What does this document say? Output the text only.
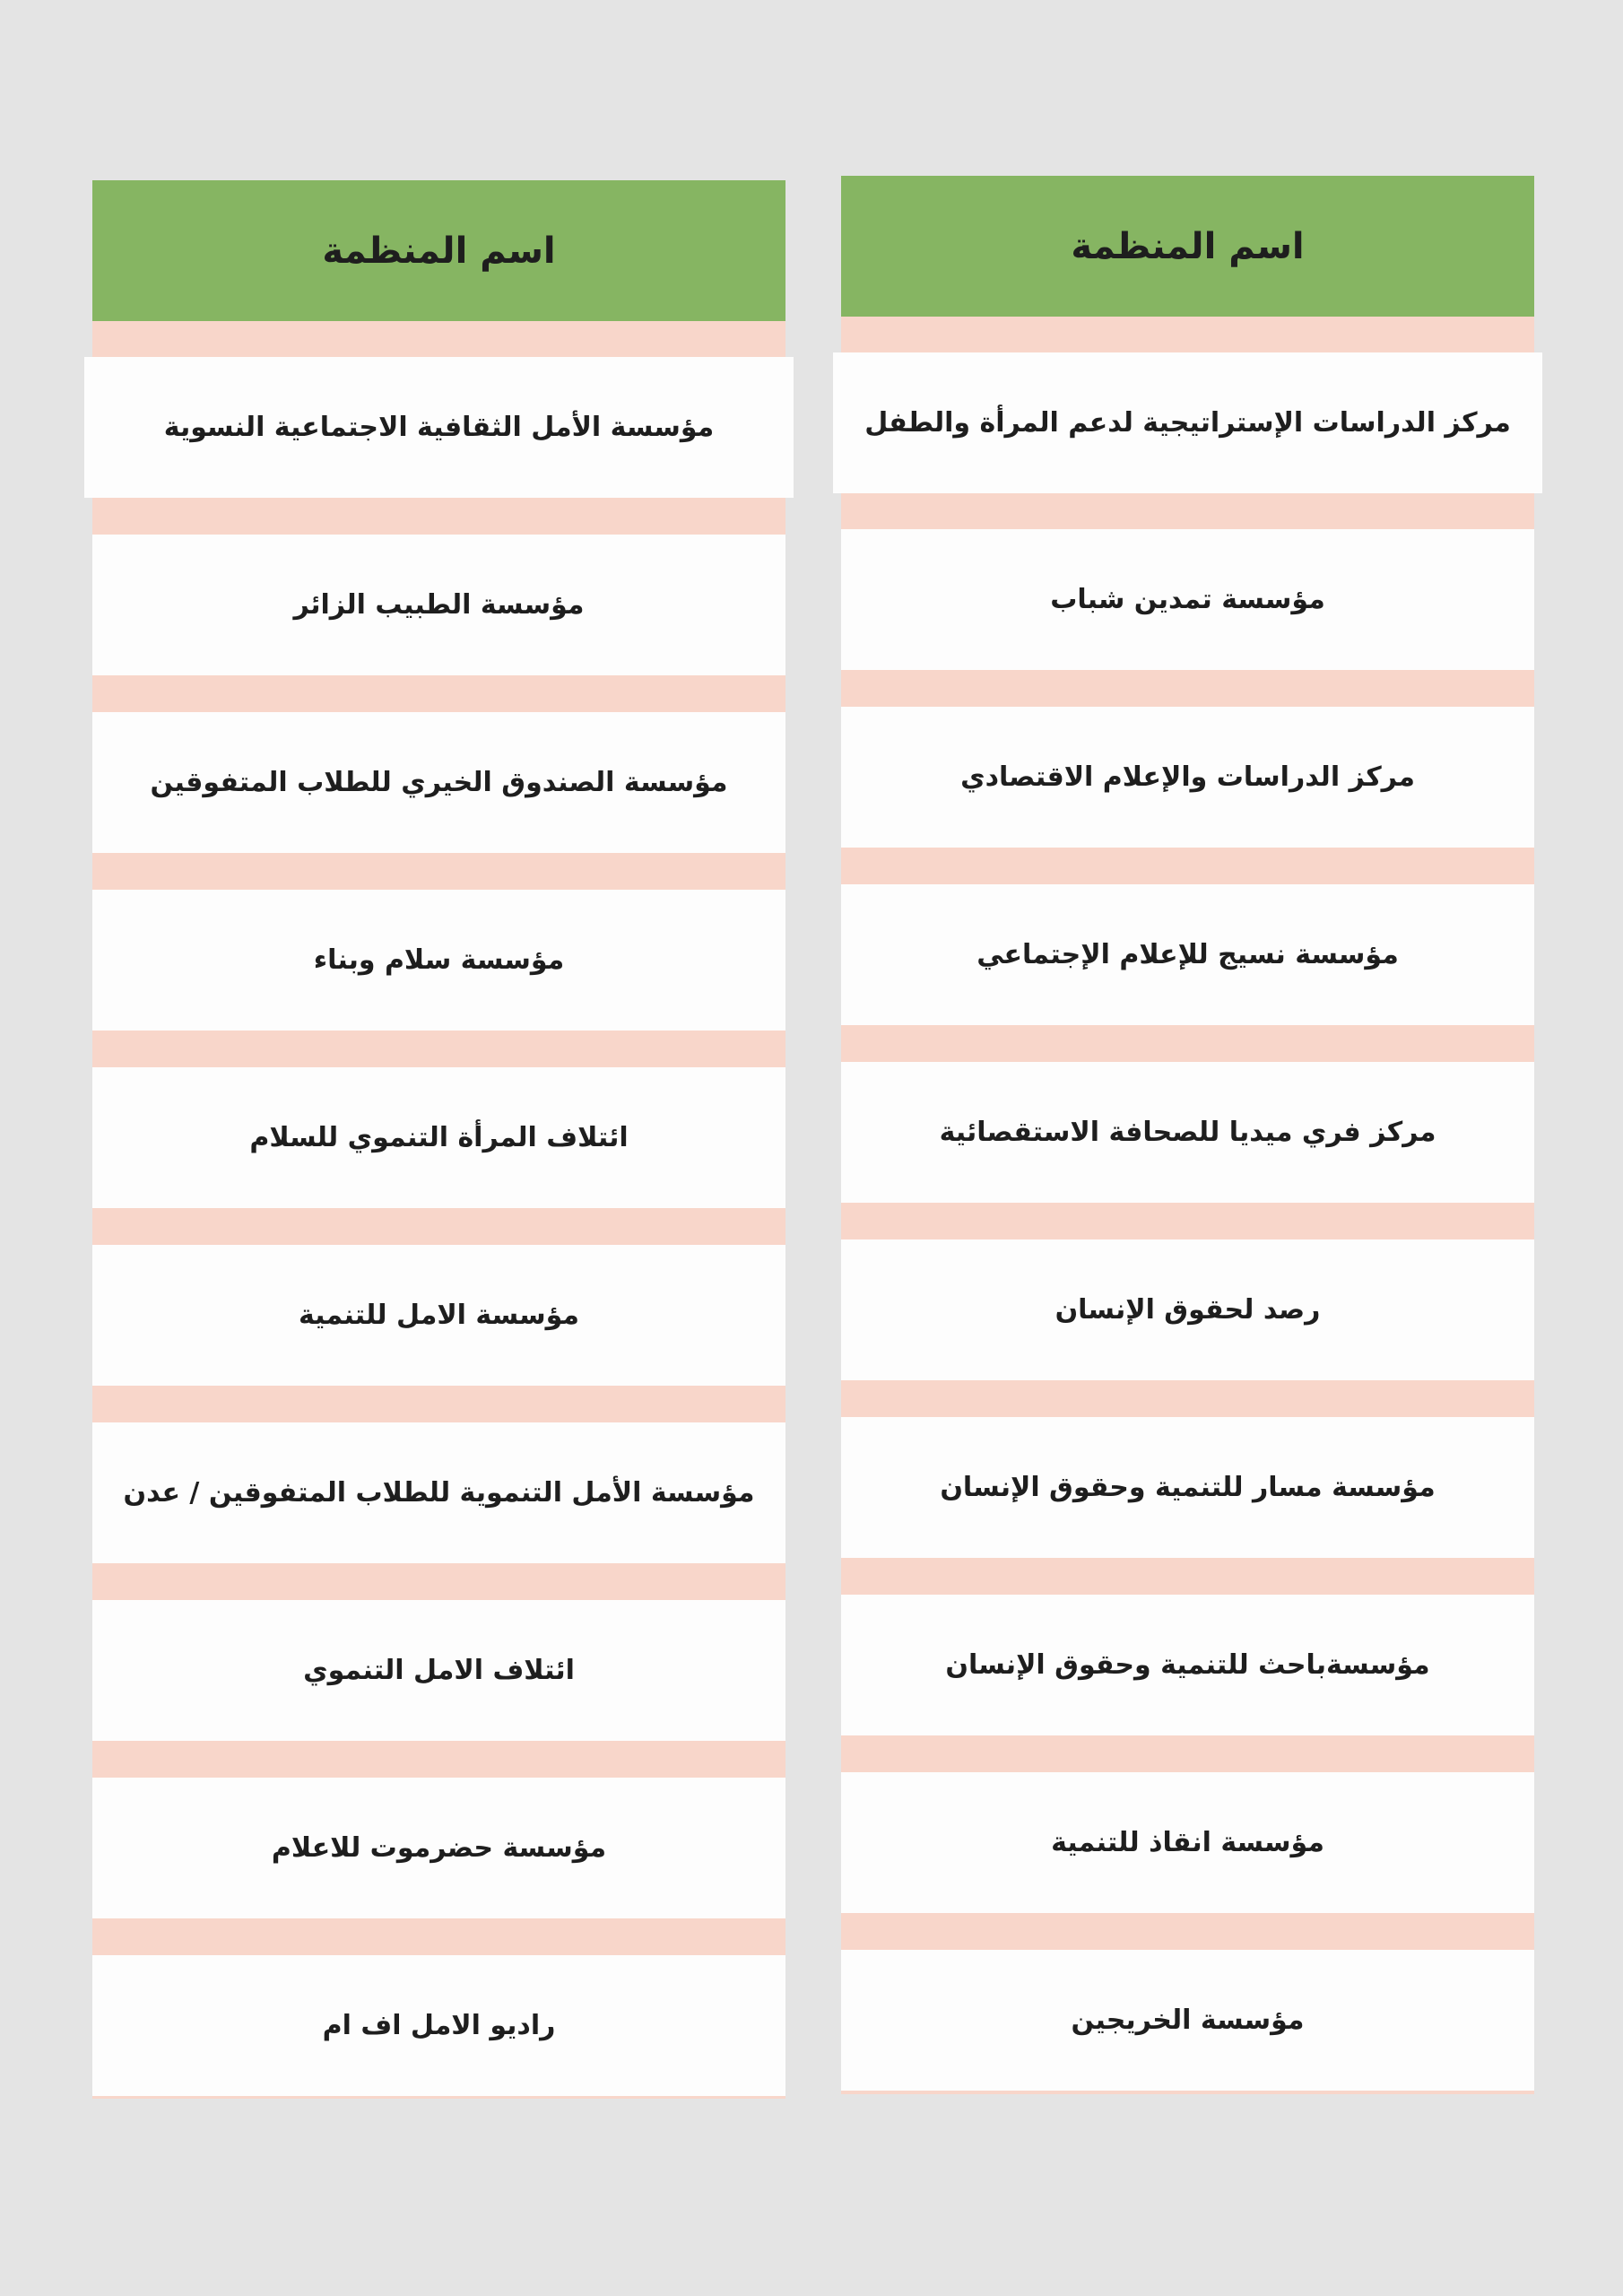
اسم المنظمة
مركز الدراسات الإستراتيجية لدعم المرأة والطفل
مؤسسة تمدين شباب
مركز الدراسات والإعلام الاقتصادي
مؤسسة نسيج للإعلام الإجتماعي
مركز فري ميديا للصحافة الاستقصائية
رصد لحقوق الإنسان
مؤسسة مسار للتنمية وحقوق الإنسان
مؤسسةباحث للتنمية وحقوق الإنسان
مؤسسة انقاذ للتنمية
مؤسسة الخريجين
اسم المنظمة
مؤسسة الأمل الثقافية الاجتماعية النسوية
مؤسسة الطبيب الزائر
مؤسسة الصندوق الخيري للطلاب المتفوقين
مؤسسة سلام وبناء
ائتلاف المرأة التنموي للسلام
مؤسسة الامل للتنمية
مؤسسة الأمل التنموية للطلاب المتفوقين / عدن
ائتلاف الامل التنموي
مؤسسة حضرموت للاعلام
راديو الامل اف ام
